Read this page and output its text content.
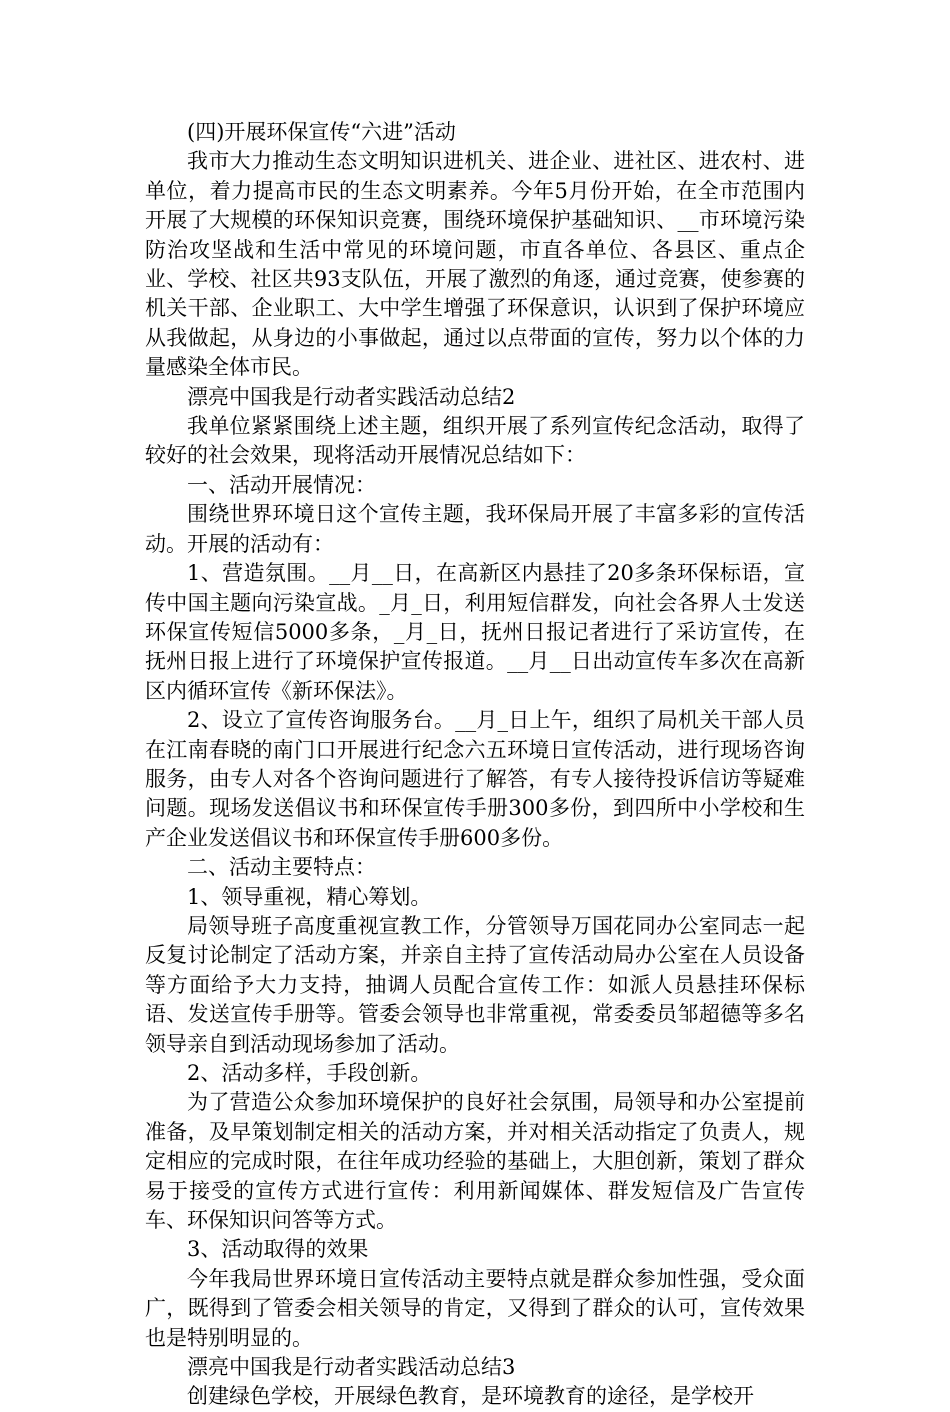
(四)开展环保宣传“六进”活动

我市大力推动生态文明知识进机关、进企业、进社区、进农村、进单位，着力提高市民的生态文明素养。今年5月份开始，在全市范围内开展了大规模的环保知识竞赛，围绕环境保护基础知识、__市环境污染防治攻坚战和生活中常见的环境问题，市直各单位、各县区、重点企业、学校、社区共93支队伍，开展了激烈的角逐，通过竞赛，使参赛的机关干部、企业职工、大中学生增强了环保意识，认识到了保护环境应从我做起，从身边的小事做起，通过以点带面的宣传，努力以个体的力量感染全体市民。

漂亮中国我是行动者实践活动总结2

我单位紧紧围绕上述主题，组织开展了系列宣传纪念活动，取得了较好的社会效果，现将活动开展情况总结如下：

一、活动开展情况：

围绕世界环境日这个宣传主题，我环保局开展了丰富多彩的宣传活动。开展的活动有：

1、营造氛围。__月__日，在高新区内悬挂了20多条环保标语，宣传中国主题向污染宣战。_月_日，利用短信群发，向社会各界人士发送环保宣传短信5000多条，_月_日，抚州日报记者进行了采访宣传，在抚州日报上进行了环境保护宣传报道。__月__日出动宣传车多次在高新区内循环宣传《新环保法》。

2、设立了宣传咨询服务台。__月_日上午，组织了局机关干部人员在江南春晓的南门口开展进行纪念六五环境日宣传活动，进行现场咨询服务，由专人对各个咨询问题进行了解答，有专人接待投诉信访等疑难问题。现场发送倡议书和环保宣传手册300多份，到四所中小学校和生产企业发送倡议书和环保宣传手册600多份。

二、活动主要特点：

1、领导重视，精心筹划。

局领导班子高度重视宣教工作，分管领导万国花同办公室同志一起反复讨论制定了活动方案，并亲自主持了宣传活动局办公室在人员设备等方面给予大力支持，抽调人员配合宣传工作：如派人员悬挂环保标语、发送宣传手册等。管委会领导也非常重视，常委委员邹超德等多名领导亲自到活动现场参加了活动。

2、活动多样，手段创新。

为了营造公众参加环境保护的良好社会氛围，局领导和办公室提前准备，及早策划制定相关的活动方案，并对相关活动指定了负责人，规定相应的完成时限，在往年成功经验的基础上，大胆创新，策划了群众易于接受的宣传方式进行宣传：利用新闻媒体、群发短信及广告宣传车、环保知识问答等方式。

3、活动取得的效果

今年我局世界环境日宣传活动主要特点就是群众参加性强，受众面广，既得到了管委会相关领导的肯定，又得到了群众的认可，宣传效果也是特别明显的。

漂亮中国我是行动者实践活动总结3

创建绿色学校，开展绿色教育，是环境教育的途径，是学校开
